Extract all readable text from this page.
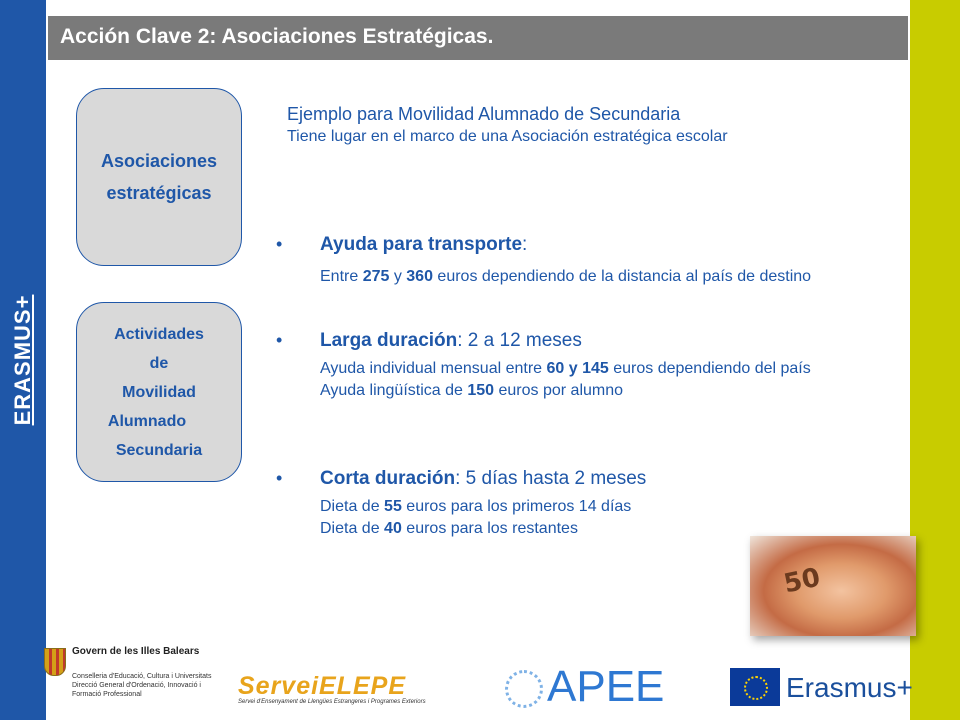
ERASMUS+
Acción Clave 2: Asociaciones Estratégicas.
Asociaciones
estratégicas
Actividades
de
Movilidad
Alumnado
Secundaria
Ejemplo para Movilidad Alumnado de Secundaria
Tiene lugar en el marco de una Asociación estratégica escolar
• Ayuda para transporte:
Entre 275 y 360 euros dependiendo de la distancia al país de destino
• Larga duración: 2 a 12 meses
Ayuda individual mensual entre 60 y 145 euros dependiendo del país
Ayuda lingüística de 150 euros por alumno
• Corta duración: 5 días hasta 2 meses
Dieta de 55 euros para los primeros 14 días
Dieta de 40 euros para los restantes
50
Govern de les Illes Balears
Conselleria d'Educació, Cultura i Universitats Direcció General d'Ordenació, Innovació i Formació Professional	ServeiELEPE
Servei d'Ensenyament de Llengües Estrangeres i Programes Exteriors	APEE	Erasmus+
